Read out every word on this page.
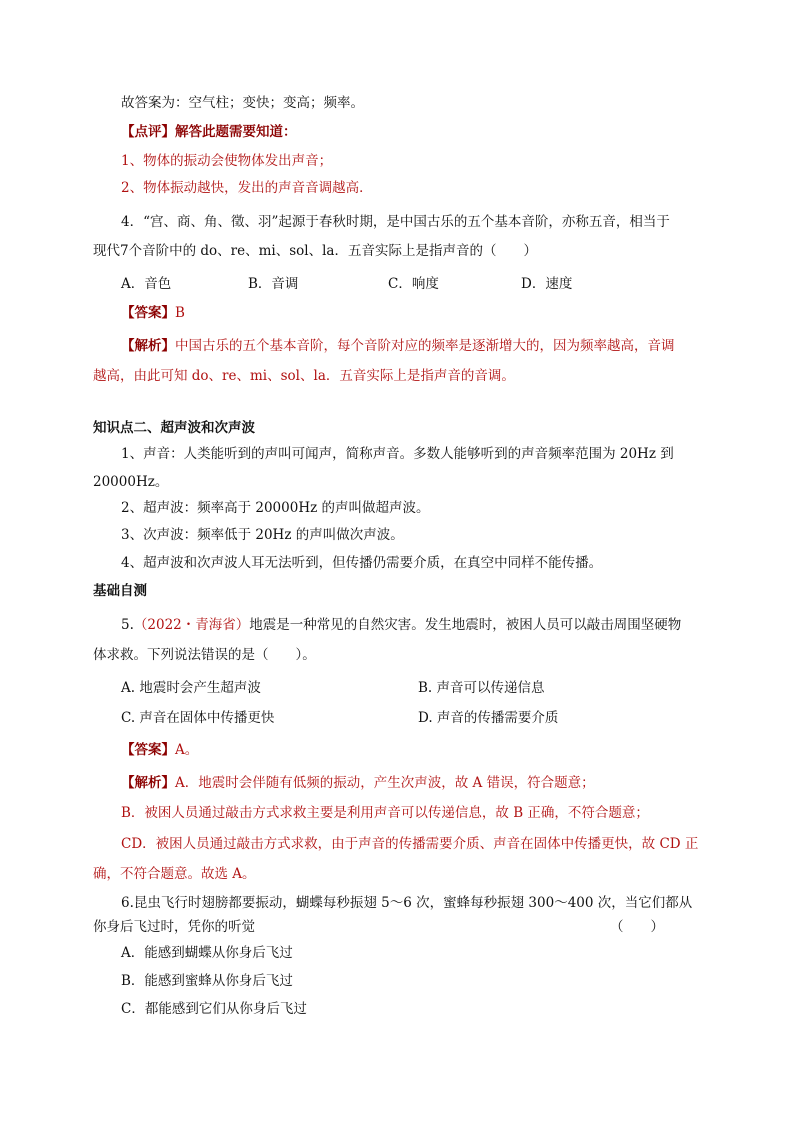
故答案为：空气柱；变快；变高；频率。
【点评】解答此题需要知道：
1、物体的振动会使物体发出声音；
2、物体振动越快，发出的声音音调越高．
4．“宫、商、角、徵、羽”起源于春秋时期，是中国古乐的五个基本音阶，亦称五音，相当于
现代7个音阶中的 do、re、mi、sol、la．五音实际上是指声音的（　　）
A．音色	B．音调	C．响度	D．速度
【答案】B
【解析】中国古乐的五个基本音阶，每个音阶对应的频率是逐渐增大的，因为频率越高，音调
越高，由此可知 do、re、mi、sol、la．五音实际上是指声音的音调。
知识点二、超声波和次声波
1、声音：人类能听到的声叫可闻声，简称声音。多数人能够听到的声音频率范围为 20Hz 到
20000Hz。
2、超声波：频率高于 20000Hz 的声叫做超声波。
3、次声波：频率低于 20Hz 的声叫做次声波。
4、超声波和次声波人耳无法听到，但传播仍需要介质，在真空中同样不能传播。
基础自测
5.（2022・青海省）地震是一种常见的自然灾害。发生地震时，被困人员可以敲击周围坚硬物
体求救。下列说法错误的是（　　）。
A. 地震时会产生超声波	B. 声音可以传递信息
C. 声音在固体中传播更快	D. 声音的传播需要介质
【答案】A。
【解析】A．地震时会伴随有低频的振动，产生次声波，故 A 错误，符合题意；
B．被困人员通过敲击方式求救主要是利用声音可以传递信息，故 B 正确，不符合题意；
CD．被困人员通过敲击方式求救，由于声音的传播需要介质、声音在固体中传播更快，故 CD 正
确，不符合题意。故选 A。
6.昆虫飞行时翅膀都要振动，蝴蝶每秒振翅 5～6 次，蜜蜂每秒振翅 300～400 次，当它们都从
你身后飞过时，凭你的听觉	（　　）
A．能感到蝴蝶从你身后飞过
B．能感到蜜蜂从你身后飞过
C．都能感到它们从你身后飞过
